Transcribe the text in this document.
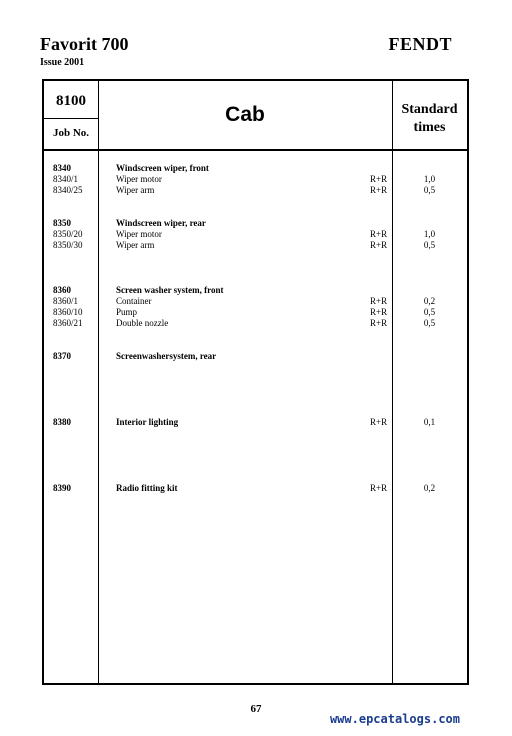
Favorit 700
Issue 2001
FENDT
8100
Job No.
Cab	Standard
times
8340	Windscreen wiper, front
8340/1	Wiper motor	R+R	1,0
8340/25	Wiper arm	R+R	0,5
8350	Windscreen wiper, rear
8350/20	Wiper motor	R+R	1,0
8350/30	Wiper arm	R+R	0,5
8360	Screen washer system, front
8360/1	Container	R+R	0,2
8360/10	Pump	R+R	0,5
8360/21	Double nozzle	R+R	0,5
8370	Screenwashersystem, rear
8380	Interior lighting	R+R	0,1
8390	Radio fitting kit	R+R	0,2
67
www.epcatalogs.com
